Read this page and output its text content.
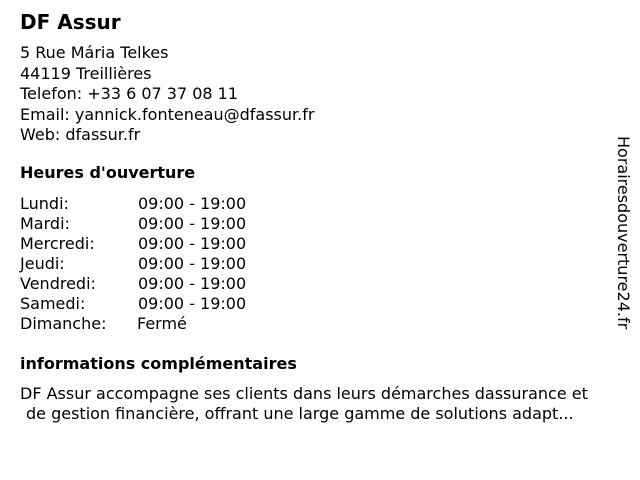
DF Assur
5 Rue Mária Telkes
44119 Treillières
Telefon: +33 6 07 37 08 11
Email: yannick.fonteneau@dfassur.fr
Web: dfassur.fr
Heures d'ouverture
Lundi:	09:00 - 19:00
Mardi:	09:00 - 19:00
Mercredi:	09:00 - 19:00
Jeudi:	09:00 - 19:00
Vendredi:	09:00 - 19:00
Samedi:	09:00 - 19:00
Dimanche: Fermé
informations complémentaires
DF Assur accompagne ses clients dans leurs démarches dassurance et
de gestion financière, offrant une large gamme de solutions adapt...
Horairesdouverture24.fr
